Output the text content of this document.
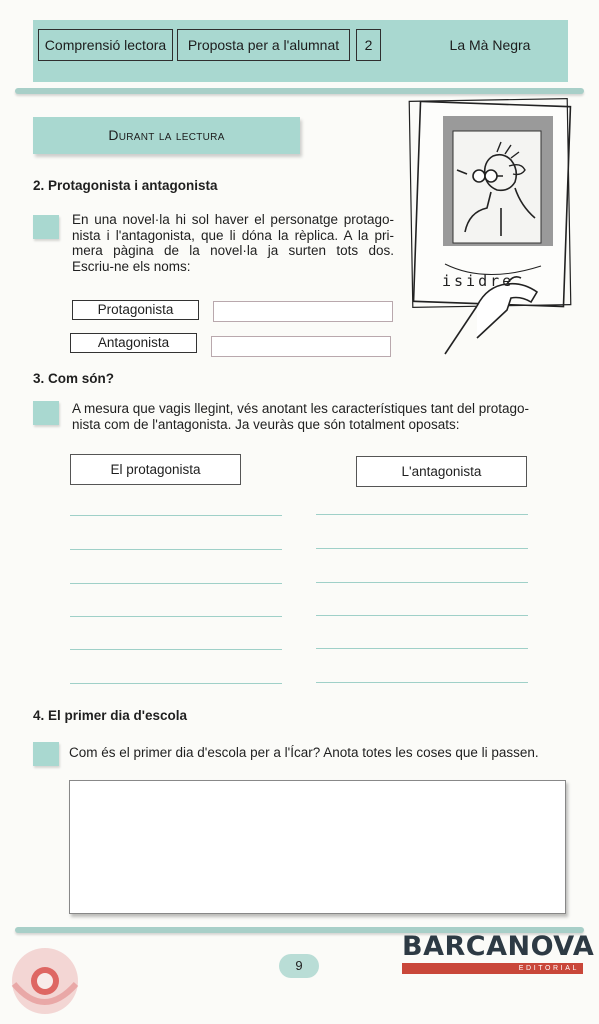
Comprensió lectora	Proposta per a l'alumnat	2	La Mà Negra
Durant la lectura
2. Protagonista i antagonista
En una novel·la hi sol haver el personatge protago-
nista i l'antagonista, que li dóna la rèplica. A la pri-
mera pàgina de la novel·la ja surten tots dos.
Escriu-ne els noms:
Protagonista
Antagonista
isidre
3. Com són?
A mesura que vagis llegint, vés anotant les característiques tant del protago-
nista com de l'antagonista. Ja veuràs que són totalment oposats:
El protagonista	L'antagonista
4. El primer dia d'escola
Com és el primer dia d'escola per a l'Ícar? Anota totes les coses que li passen.
9
BARCANOVA
EDITORIAL
